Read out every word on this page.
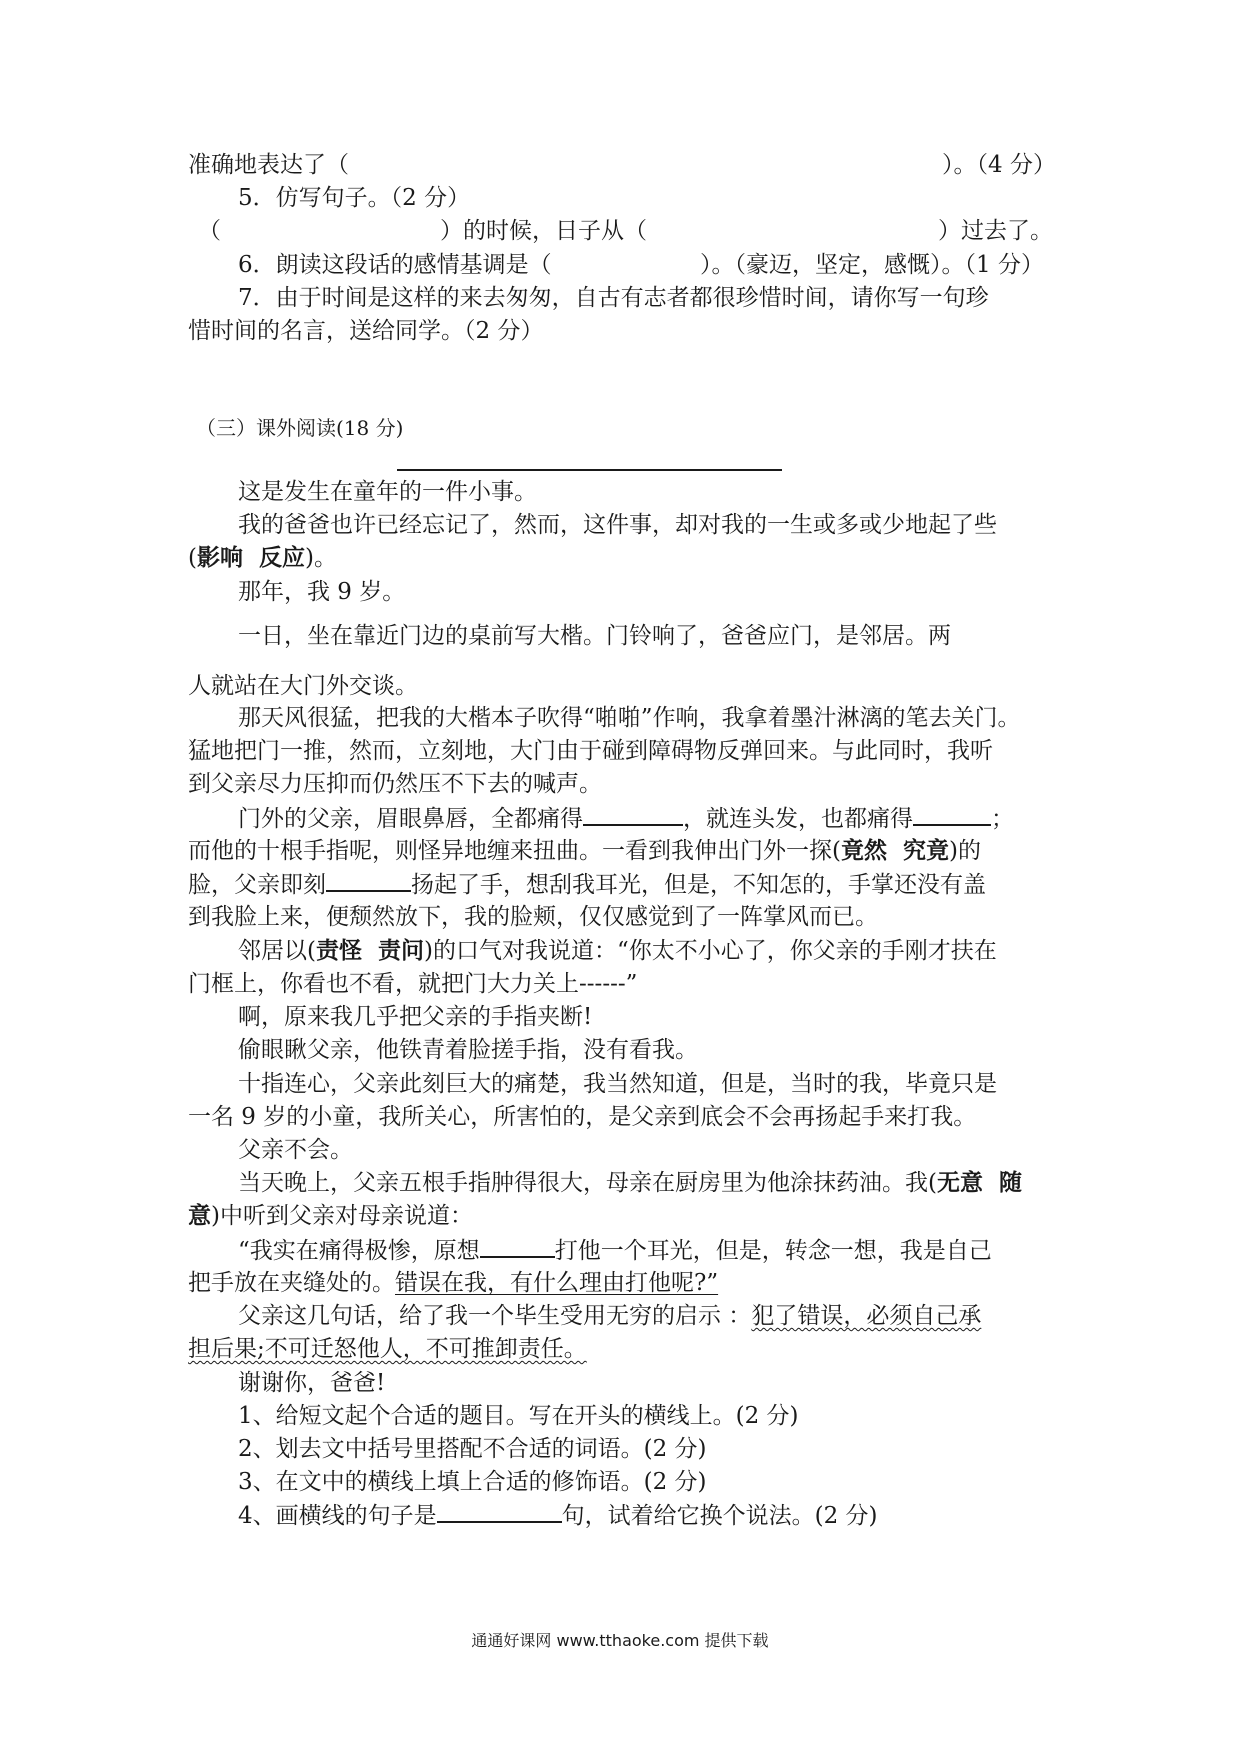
准确地表达了（	）。（4 分）
5．仿写句子。（2 分）
（	）的时候，日子从（	）过去了。
6．朗读这段话的感情基调是（	）。（豪迈，坚定，感慨）。（1 分）
7．由于时间是这样的来去匆匆，自古有志者都很珍惜时间，请你写一句珍
惜时间的名言，送给同学。（2 分）
（三）课外阅读(18 分)
这是发生在童年的一件小事。
我的爸爸也许已经忘记了，然而，这件事，却对我的一生或多或少地起了些
(影响  反应)。
那年，我 9 岁。
一日，坐在靠近门边的桌前写大楷。门铃响了，爸爸应门，是邻居。两
人就站在大门外交谈。
那天风很猛，把我的大楷本子吹得“啪啪”作响，我拿着墨汁淋漓的笔去关门。
猛地把门一推，然而，立刻地，大门由于碰到障碍物反弹回来。与此同时，我听
到父亲尽力压抑而仍然压不下去的喊声。
门外的父亲，眉眼鼻唇，全都痛得	，就连头发，也都痛得	；
而他的十根手指呢，则怪异地缠来扭曲。一看到我伸出门外一探(竟然  究竟)的
脸，父亲即刻	扬起了手，想刮我耳光，但是，不知怎的，手掌还没有盖
到我脸上来，便颓然放下，我的脸颊，仅仅感觉到了一阵掌风而已。
邻居以(责怪  责问)的口气对我说道：“你太不小心了，你父亲的手刚才扶在
门框上，你看也不看，就把门大力关上------”
啊，原来我几乎把父亲的手指夹断!
偷眼瞅父亲，他铁青着脸搓手指，没有看我。
十指连心，父亲此刻巨大的痛楚，我当然知道，但是，当时的我，毕竟只是
一名 9 岁的小童，我所关心，所害怕的，是父亲到底会不会再扬起手来打我。
父亲不会。
当天晚上，父亲五根手指肿得很大，母亲在厨房里为他涂抹药油。我(无意  随
意)中听到父亲对母亲说道：
“我实在痛得极惨，原想	打他一个耳光，但是，转念一想，我是自己
把手放在夹缝处的。错误在我，有什么理由打他呢?”
父亲这几句话，给了我一个毕生受用无穷的启示 ：犯了错误，必须自己承
担后果;不可迁怒他人，不可推卸责任。
谢谢你，爸爸!
1、给短文起个合适的题目。写在开头的横线上。(2 分)
2、划去文中括号里搭配不合适的词语。(2 分)
3、在文中的横线上填上合适的修饰语。(2 分)
4、画横线的句子是	句，试着给它换个说法。(2 分)
通通好课网 www.tthaoke.com 提供下载
